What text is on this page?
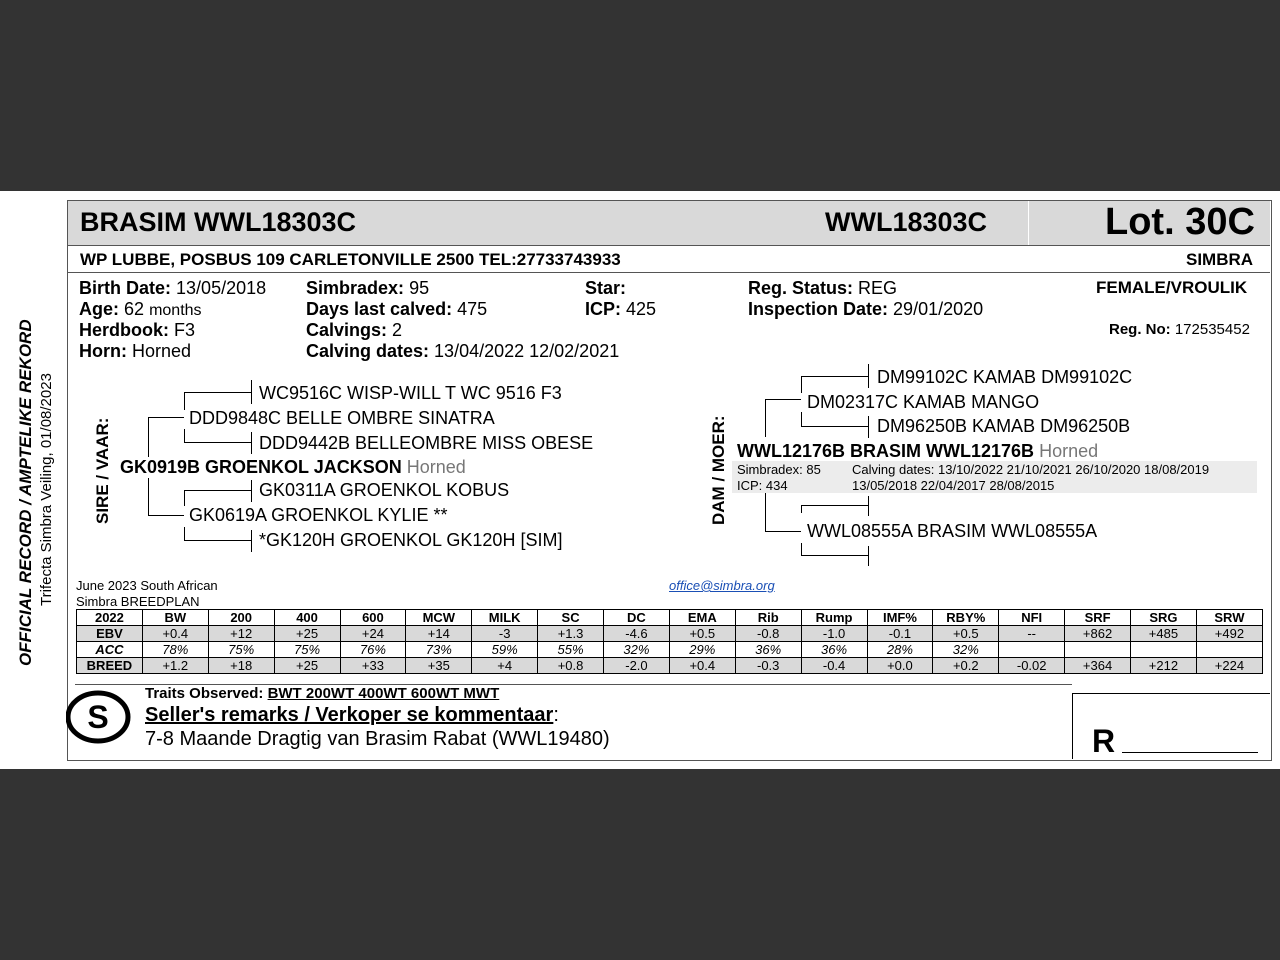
OFFICIAL RECORD / AMPTELIKE REKORD Trifecta Simbra Veiling, 01/08/2023
BRASIM WWL18303C	WWL18303C	Lot. 30C
WP LUBBE, POSBUS 109 CARLETONVILLE 2500 TEL:27733743933	SIMBRA
Birth Date: 13/05/2018
Age: 62 months
Herdbook: F3
Horn: Horned
Simbradex: 95
Days last calved: 475
Calvings: 2
Calving dates: 13/04/2022 12/02/2021
Star:
ICP: 425
Reg. Status: REG
Inspection Date: 29/01/2020
FEMALE/VROULIK
Reg. No: 172535452
SIRE / VAAR: GK0919B GROENKOL JACKSON Horned
WC9516C WISP-WILL T WC 9516 F3
DDD9848C BELLE OMBRE SINATRA
DDD9442B BELLEOMBRE MISS OBESE
GK0311A GROENKOL KOBUS
GK0619A GROENKOL KYLIE **
*GK120H GROENKOL GK120H [SIM]
DAM / MOER:
DM99102C KAMAB DM99102C
DM02317C KAMAB MANGO
DM96250B KAMAB DM96250B
WWL12176B BRASIM WWL12176B Horned
Simbradex: 85
ICP: 434
Calving dates: 13/10/2022 21/10/2021 26/10/2020 18/08/2019
13/05/2018 22/04/2017 28/08/2015
WWL08555A BRASIM WWL08555A
June 2023 South African
Simbra BREEDPLAN
office@simbra.org
2022	BW	200	400	600	MCW	MILK	SC	DC	EMA	Rib	Rump	IMF%	RBY%	NFI	SRF	SRG	SRW
EBV	+0.4	+12	+25	+24	+14	-3	+1.3	-4.6	+0.5	-0.8	-1.0	-0.1	+0.5	--	+862	+485	+492
ACC	78%	75%	75%	76%	73%	59%	55%	32%	29%	36%	36%	28%	32%				
BREED	+1.2	+18	+25	+33	+35	+4	+0.8	-2.0	+0.4	-0.3	-0.4	+0.0	+0.2	-0.02	+364	+212	+224
S
Traits Observed: BWT 200WT 400WT 600WT MWT
Seller's remarks / Verkoper se kommentaar:
7-8 Maande Dragtig van Brasim Rabat (WWL19480)	R
